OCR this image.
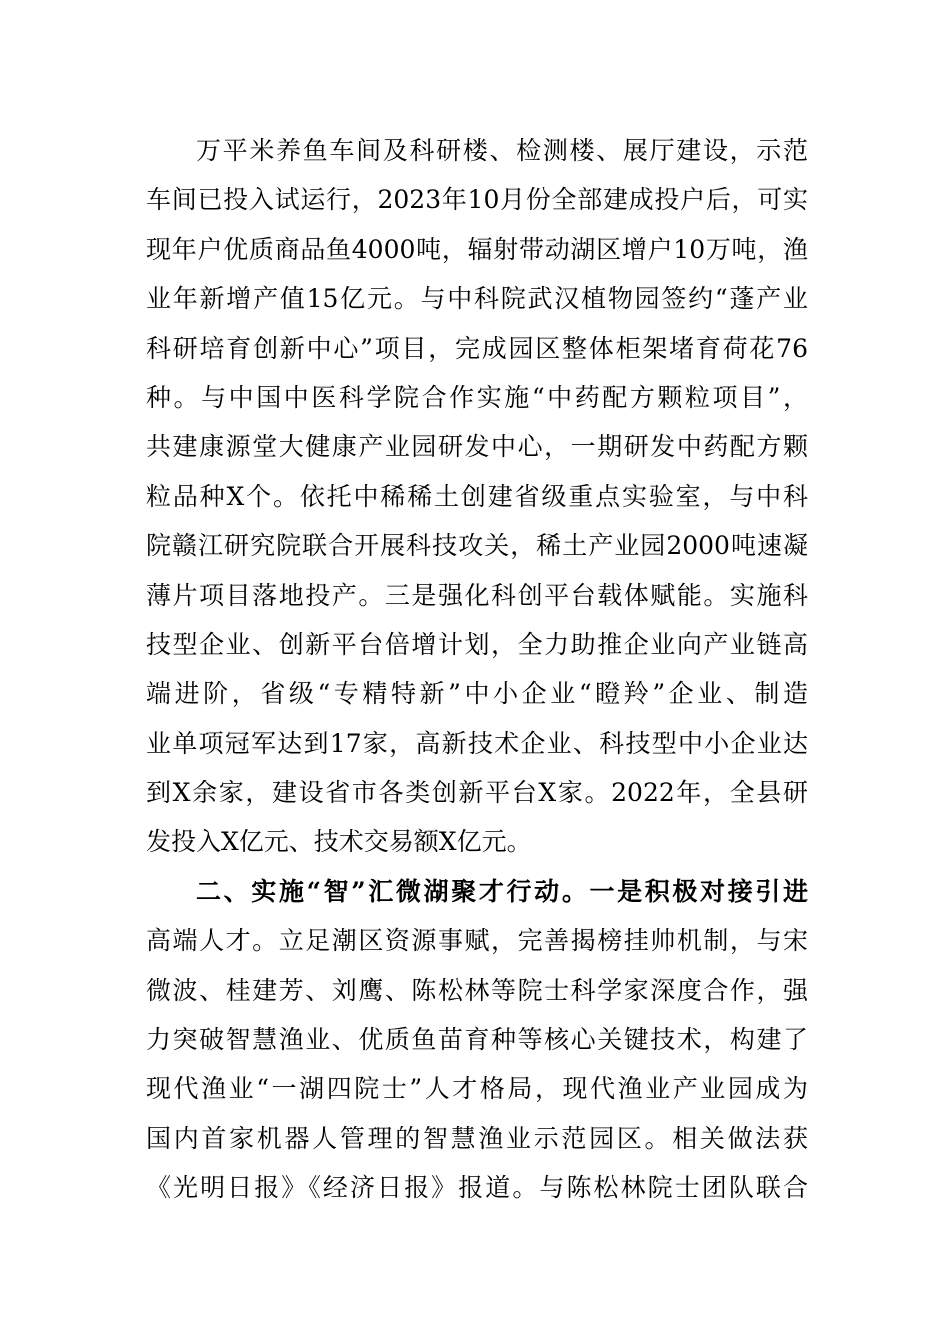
万平米养鱼车间及科研楼、检测楼、展厅建设，示范
车间已投入试运行，2023年10月份全部建成投户后，可实
现年户优质商品鱼4000吨，辐射带动湖区增户10万吨，渔
业年新增产值15亿元。与中科院武汉植物园签约“蓬产业
科研培育创新中心”项目，完成园区整体柜架堵育荷花76
种。与中国中医科学院合作实施“中药配方颗粒项目”，
共建康源堂大健康产业园研发中心，一期研发中药配方颗
粒品种X个。依托中稀稀土创建省级重点实验室，与中科
院赣江研究院联合开展科技攻关，稀土产业园2000吨速凝
薄片项目落地投产。三是强化科创平台载体赋能。实施科
技型企业、创新平台倍增计划，全力助推企业向产业链高
端进阶，省级“专精特新”中小企业“瞪羚”企业、制造
业单项冠军达到17家，高新技术企业、科技型中小企业达
到X余家，建设省市各类创新平台X家。2022年，全县研
发投入X亿元、技术交易额X亿元。
二、实施“智”汇微湖聚才行动。一是积极对接引进
高端人才。立足潮区资源事赋，完善揭榜挂帅机制，与宋
微波、桂建芳、刘鹰、陈松林等院士科学家深度合作，强
力突破智慧渔业、优质鱼苗育种等核心关键技术，构建了
现代渔业“一湖四院士”人才格局，现代渔业产业园成为
国内首家机器人管理的智慧渔业示范园区。相关做法获
《光明日报》《经济日报》报道。与陈松林院士团队联合
